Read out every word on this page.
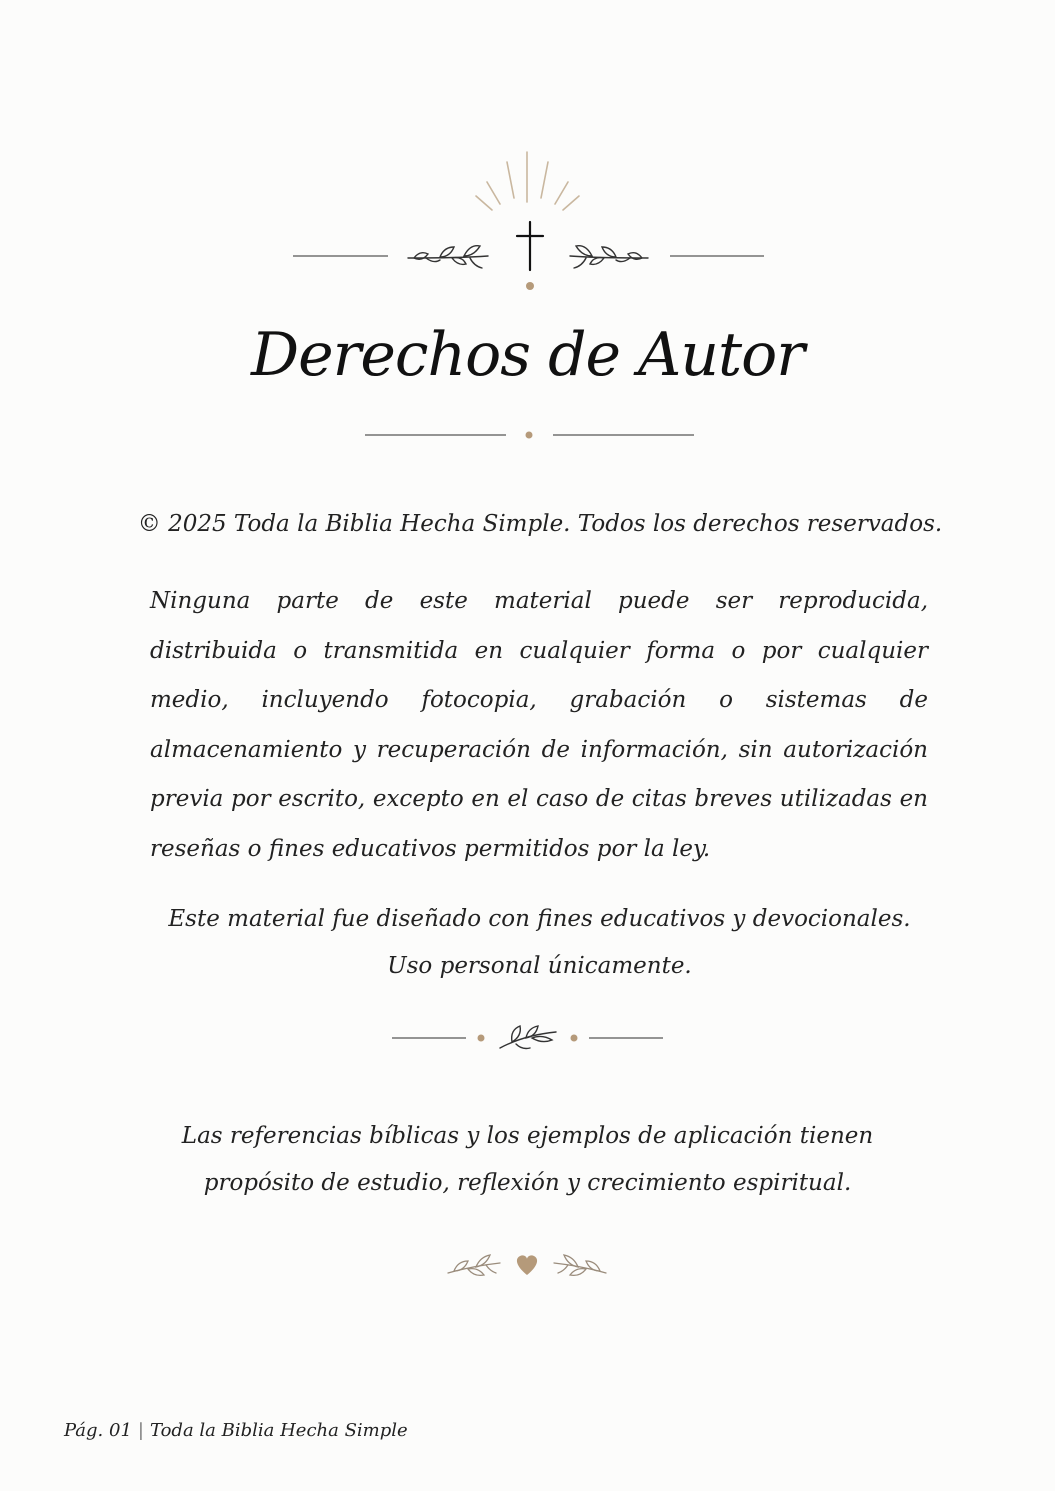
Derechos de Autor
© 2025 Toda la Biblia Hecha Simple. Todos los derechos reservados.
Ninguna parte de este material puede ser reproducida, distribuida o transmitida en cualquier forma o por cualquier medio, incluyendo fotocopia, grabación o sistemas de almacenamiento y recuperación de información, sin autorización previa por escrito, excepto en el caso de citas breves utilizadas en reseñas o fines educativos permitidos por la ley.
Este material fue diseñado con fines educativos y devocionales.
Uso personal únicamente.
Las referencias bíblicas y los ejemplos de aplicación tienen
propósito de estudio, reflexión y crecimiento espiritual.
Pág. 01 | Toda la Biblia Hecha Simple
